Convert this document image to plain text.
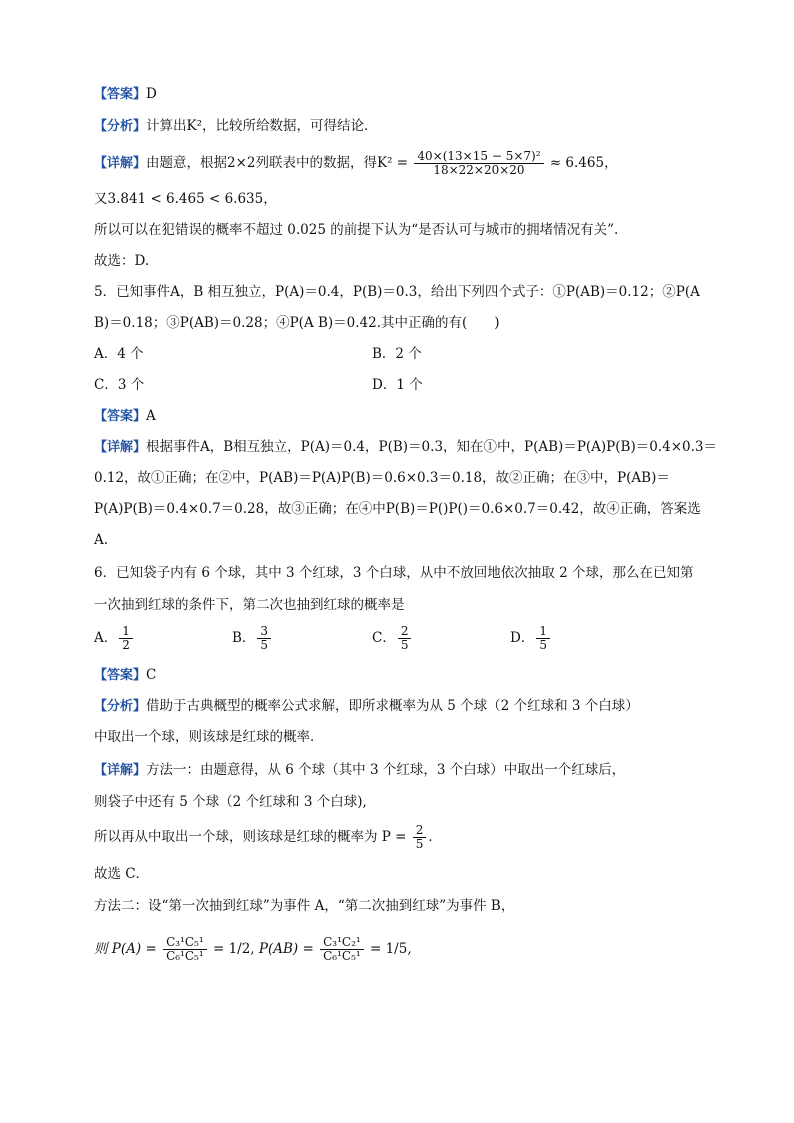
【答案】D
【分析】计算出K²，比较所给数据，可得结论．
【详解】由题意，根据2×2列联表中的数据，得$K^2 = \frac{\text{40×(13×15 − 5×7)²}}{18\times 22\times 20\times 20} \approx 6.465$，
又3.841 < 6.465 < 6.635，
所以可以在犯错误的概率不超过 0.025 的前提下认为“是否认可与城市的拥堵情况有关”.
故选：D.
5．已知事件A，B 相互独立，P(A)＝0.4，P(B)＝0.3，给出下列四个式子：①P(AB)＝0.12；②P(A
B)＝0.18；③P(AB)＝0.28；④P(A B)＝0.42.其中正确的有(　　)
A．4 个	B．2 个
C．3 个	D．1 个
【答案】A
【详解】根据事件A，B相互独立，P(A)＝0.4，P(B)＝0.3，知在①中，P(AB)＝P(A)P(B)＝0.4×0.3＝
0.12，故①正确；在②中，P(AB)＝P(A)P(B)＝0.6×0.3＝0.18，故②正确；在③中，P(AB)＝
P(A)P(B)＝0.4×0.7＝0.28，故③正确；在④中P(B)＝P()P()＝0.6×0.7＝0.42，故④正确，答案选
A.
6．已知袋子内有 6 个球，其中 3 个红球，3 个白球，从中不放回地依次抽取 2 个球，那么在已知第
一次抽到红球的条件下，第二次也抽到红球的概率是
A． $\frac{1}{2}$	B． $\frac{3}{5}$	C． $\frac{2}{5}$	D． $\frac{1}{5}$
【答案】C
【分析】借助于古典概型的概率公式求解，即所求概率为从 5 个球（2 个红球和 3 个白球）
中取出一个球，则该球是红球的概率．
【详解】方法一：由题意得，从 6 个球（其中 3 个红球，3 个白球）中取出一个红球后，
则袋子中还有 5 个球（2 个红球和 3 个白球),
所以再从中取出一个球，则该球是红球的概率为 $P = \frac{2}{5}$ ．
故选 C．
方法二：设“第一次抽到红球”为事件 A，“第二次抽到红球”为事件 B，
则 $P(A) = \frac{\text{C₃¹C₅¹}}{\text{C₆¹C₅¹}} = 1/2$, $P(AB) = \frac{\text{C₃¹C₂¹}}{\text{C₆¹C₅¹}} = 1/5$,
